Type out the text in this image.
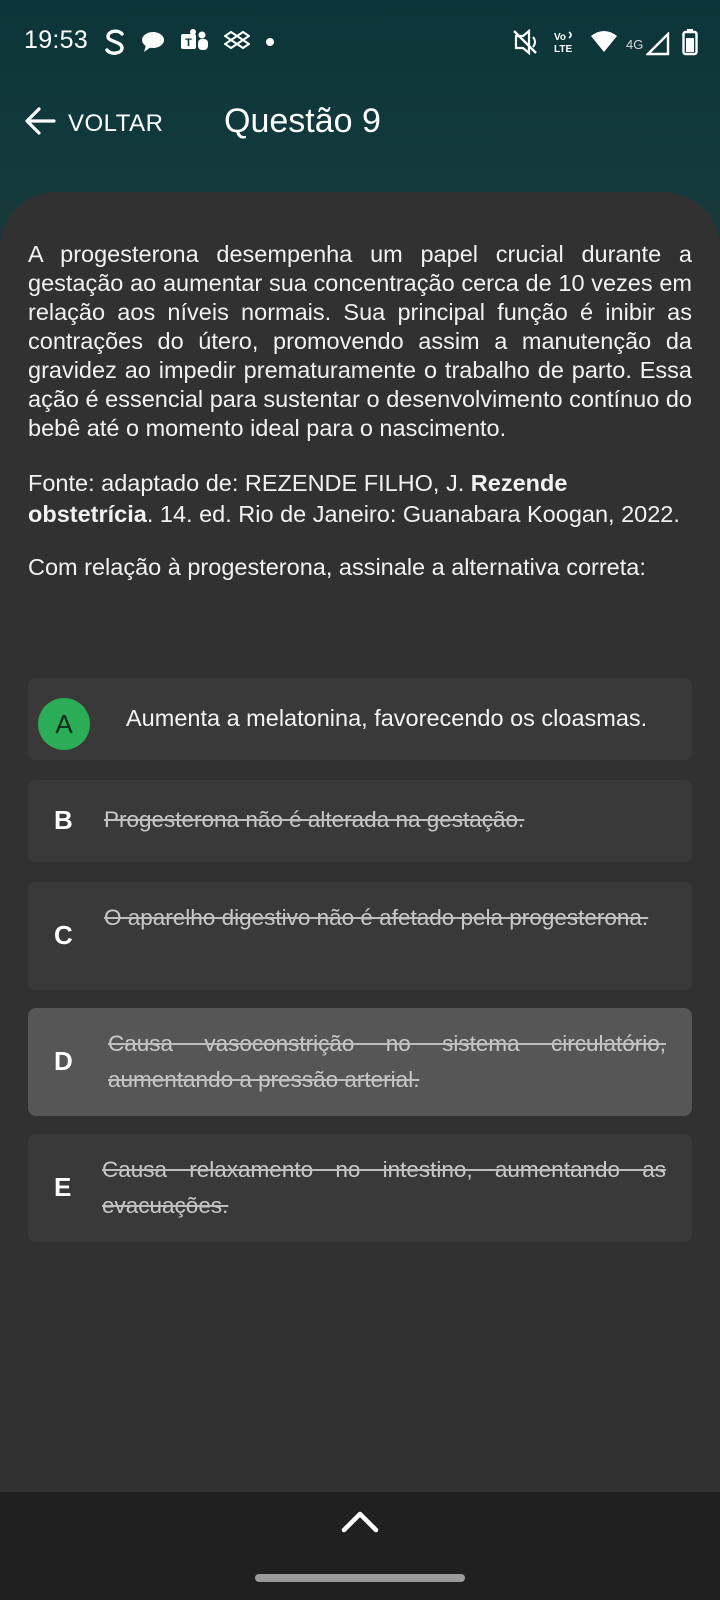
19:53	T	Vo
LTE	4G
VOLTAR Questão 9

A progesterona desempenha um papel crucial durante a gestação ao aumentar sua concentração cerca de 10 vezes em relação aos níveis normais. Sua principal função é inibir as contrações do útero, promovendo assim a manutenção da gravidez ao impedir prematuramente o trabalho de parto. Essa ação é essencial para sustentar o desenvolvimento contínuo do bebê até o momento ideal para o nascimento.

Fonte: adaptado de: REZENDE FILHO, J. Rezende obstetrícia. 14. ed. Rio de Janeiro: Guanabara Koogan, 2022.

Com relação à progesterona, assinale a alternativa correta:

A	Aumenta a melatonina, favorecendo os cloasmas.
B Progesterona não é alterada na gestação.
C
O aparelho digestivo não é afetado pela progesterona.
D
Causa vasoconstrição no sistema circulatório, aumentando a pressão arterial.
E
Causa relaxamento no intestino, aumentando as evacuações.
